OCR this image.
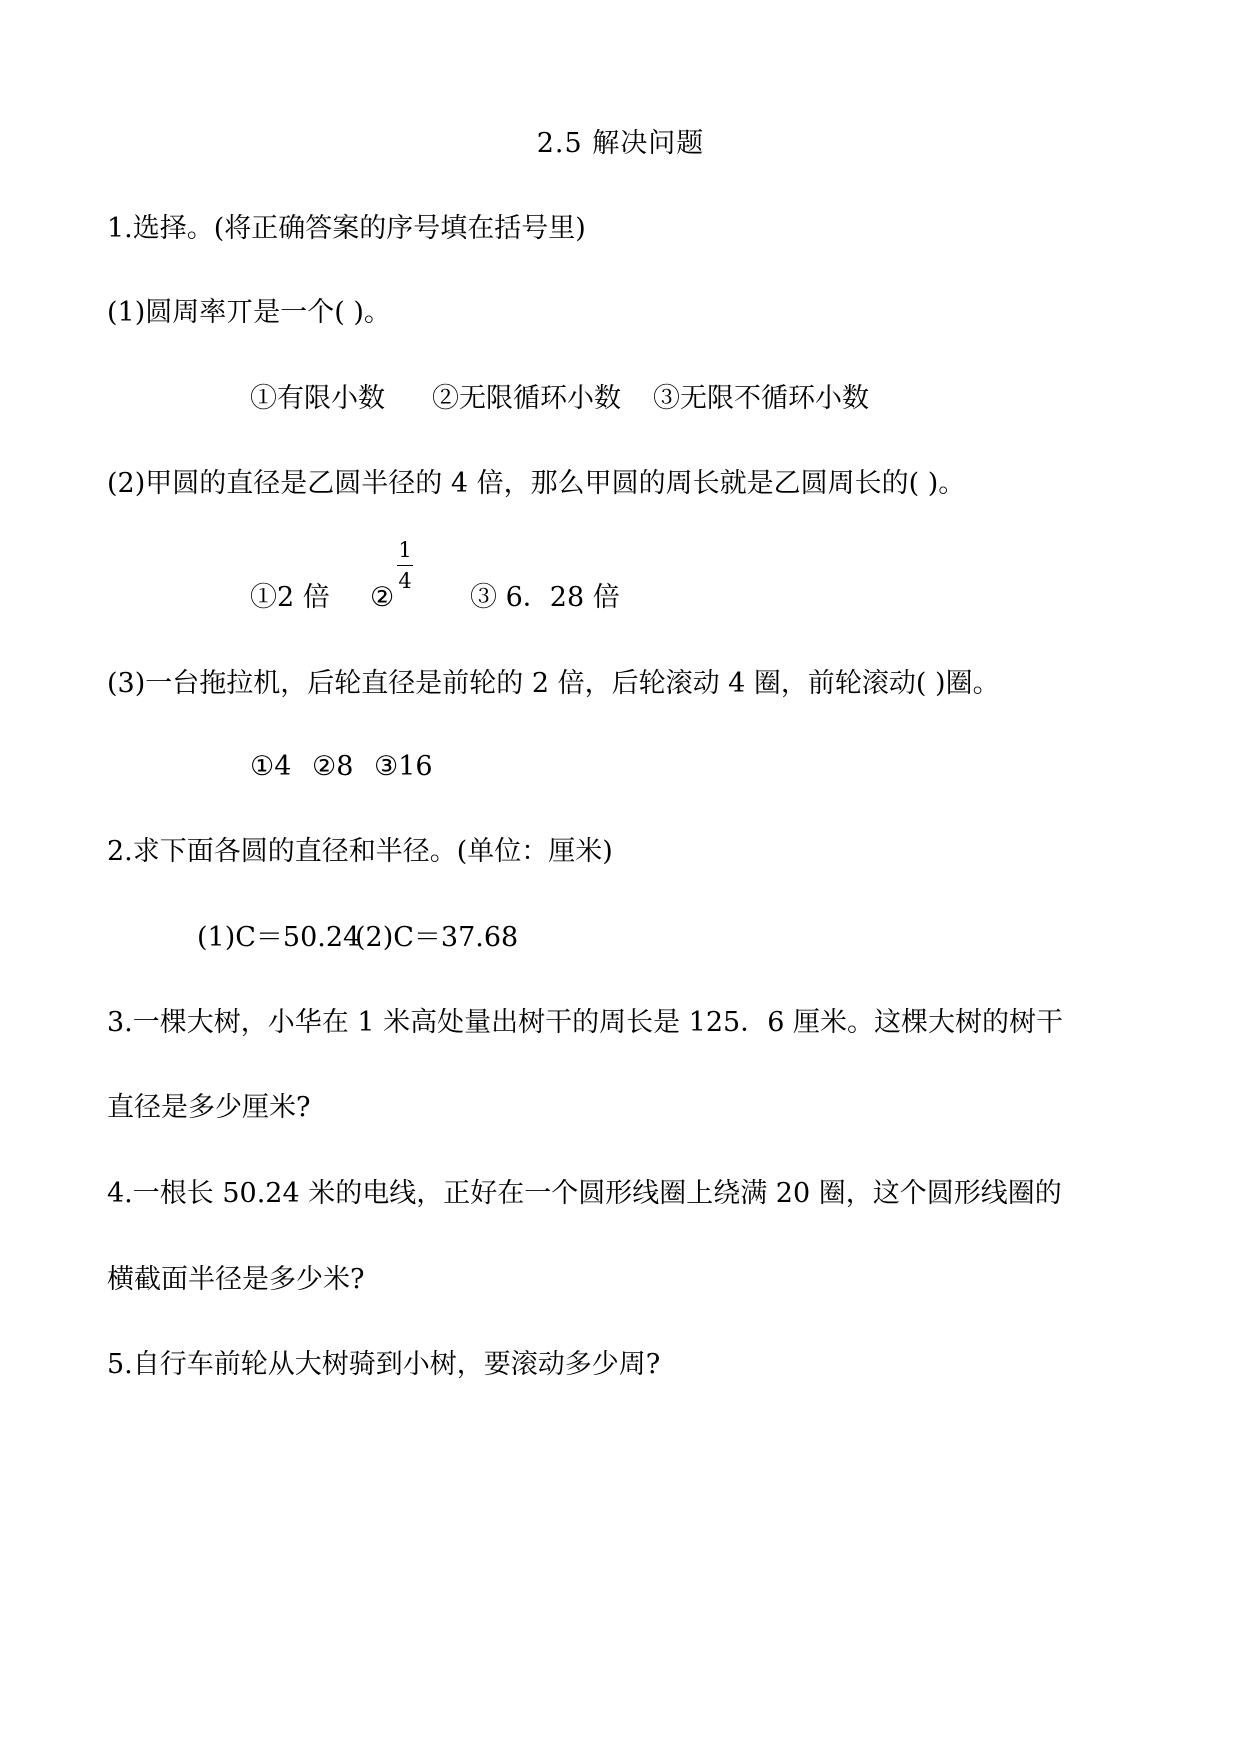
2.5 解决问题
1.选择。(将正确答案的序号填在括号里)
(1)圆周率丌是一个( )。
①有限小数 ②无限循环小数 ③无限不循环小数
(2)甲圆的直径是乙圆半径的 4 倍，那么甲圆的周长就是乙圆周长的( )。
①2 倍 ②
1
4
③ 6．28 倍
(3)一台拖拉机，后轮直径是前轮的 2 倍，后轮滚动 4 圈，前轮滚动( )圈。
①4 ②8 ③16
2.求下面各圆的直径和半径。(单位：厘米)
(1)C＝50.24
(2)C＝37.68
3.一棵大树，小华在 1 米高处量出树干的周长是 125．6 厘米。这棵大树的树干
直径是多少厘米?
4.一根长 50.24 米的电线，正好在一个圆形线圈上绕满 20 圈，这个圆形线圈的
横截面半径是多少米?
5.自行车前轮从大树骑到小树，要滚动多少周?
